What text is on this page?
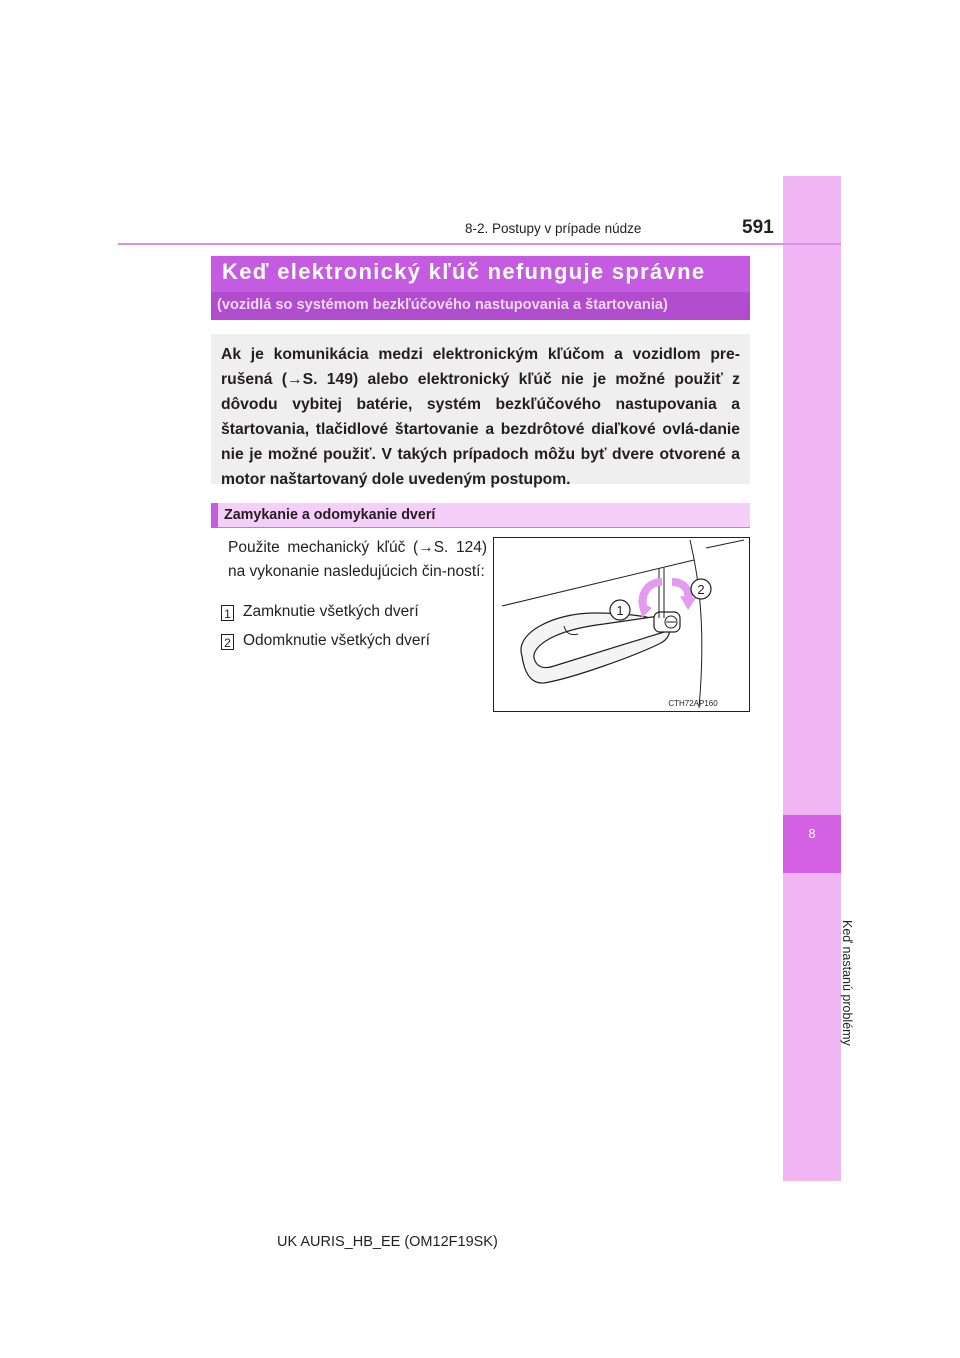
8
Keď nastanú problémy
8-2. Postupy v prípade núdze	591
Keď elektronický kľúč nefunguje správne
(vozidlá so systémom bezkľúčového nastupovania a štartovania)
Ak je komunikácia medzi elektronickým kľúčom a vozidlom pre-rušená (→S. 149) alebo elektronický kľúč nie je možné použiť z dôvodu vybitej batérie, systém bezkľúčového nastupovania a štartovania, tlačidlové štartovanie a bezdrôtové diaľkové ovlá-danie nie je možné použiť. V takých prípadoch môžu byť dvere otvorené a motor naštartovaný dole uvedeným postupom.
Zamykanie a odomykanie dverí
Použite mechanický kľúč (→S. 124) na vykonanie nasledujúcich čin-ností:
1 Zamknutie všetkých dverí
2 Odomknutie všetkých dverí
1
2
CTH72AP160
UK AURIS_HB_EE (OM12F19SK)
